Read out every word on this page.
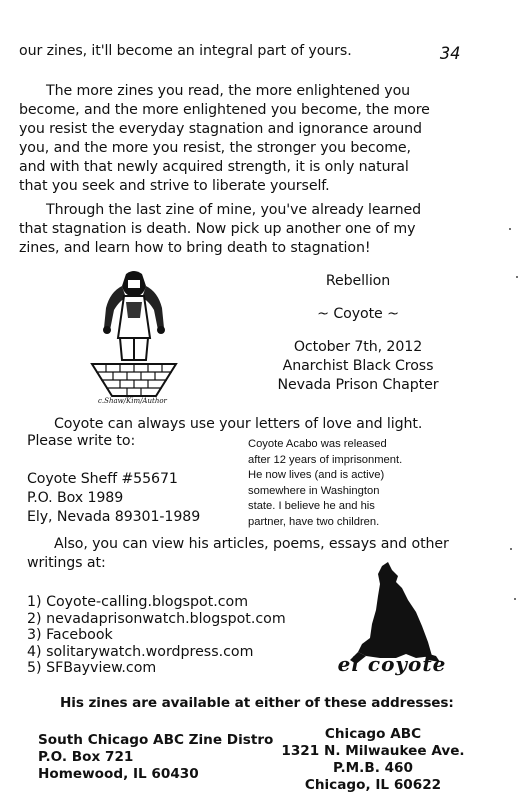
our zines, it'll become an integral part of yours.	34

The more zines you read, the more enlightened you

become, and the more enlightened you become, the more

you resist the everyday stagnation and ignorance around

you, and the more you resist, the stronger you become,

and with that newly acquired strength, it is only natural

that you seek and strive to liberate yourself.

Through the last zine of mine, you've already learned

that stagnation is death. Now pick up another one of my

zines, and learn how to bring death to stagnation!

c.Shaw/Kim/Author
Rebellion
~ Coyote ~
October 7th, 2012
Anarchist Black Cross
Nevada Prison Chapter
Coyote can always use your letters of love and light.
Please write to:
Coyote Sheff #55671
P.O. Box 1989
Ely, Nevada 89301-1989
Coyote Acabo was released
after 12 years of imprisonment.
He now lives (and is active)
somewhere in Washington
state. I believe he and his
partner, have two children.
Also, you can view his articles, poems, essays and other
writings at:
1) Coyote-calling.blogspot.com
2) nevadaprisonwatch.blogspot.com
3) Facebook
4) solitarywatch.wordpress.com
5) SFBayview.com	el coyote
His zines are available at either of these addresses:
South Chicago ABC Zine Distro
P.O. Box 721
Homewood, IL 60430
Chicago ABC
1321 N. Milwaukee Ave.
P.M.B. 460
Chicago, IL 60622
